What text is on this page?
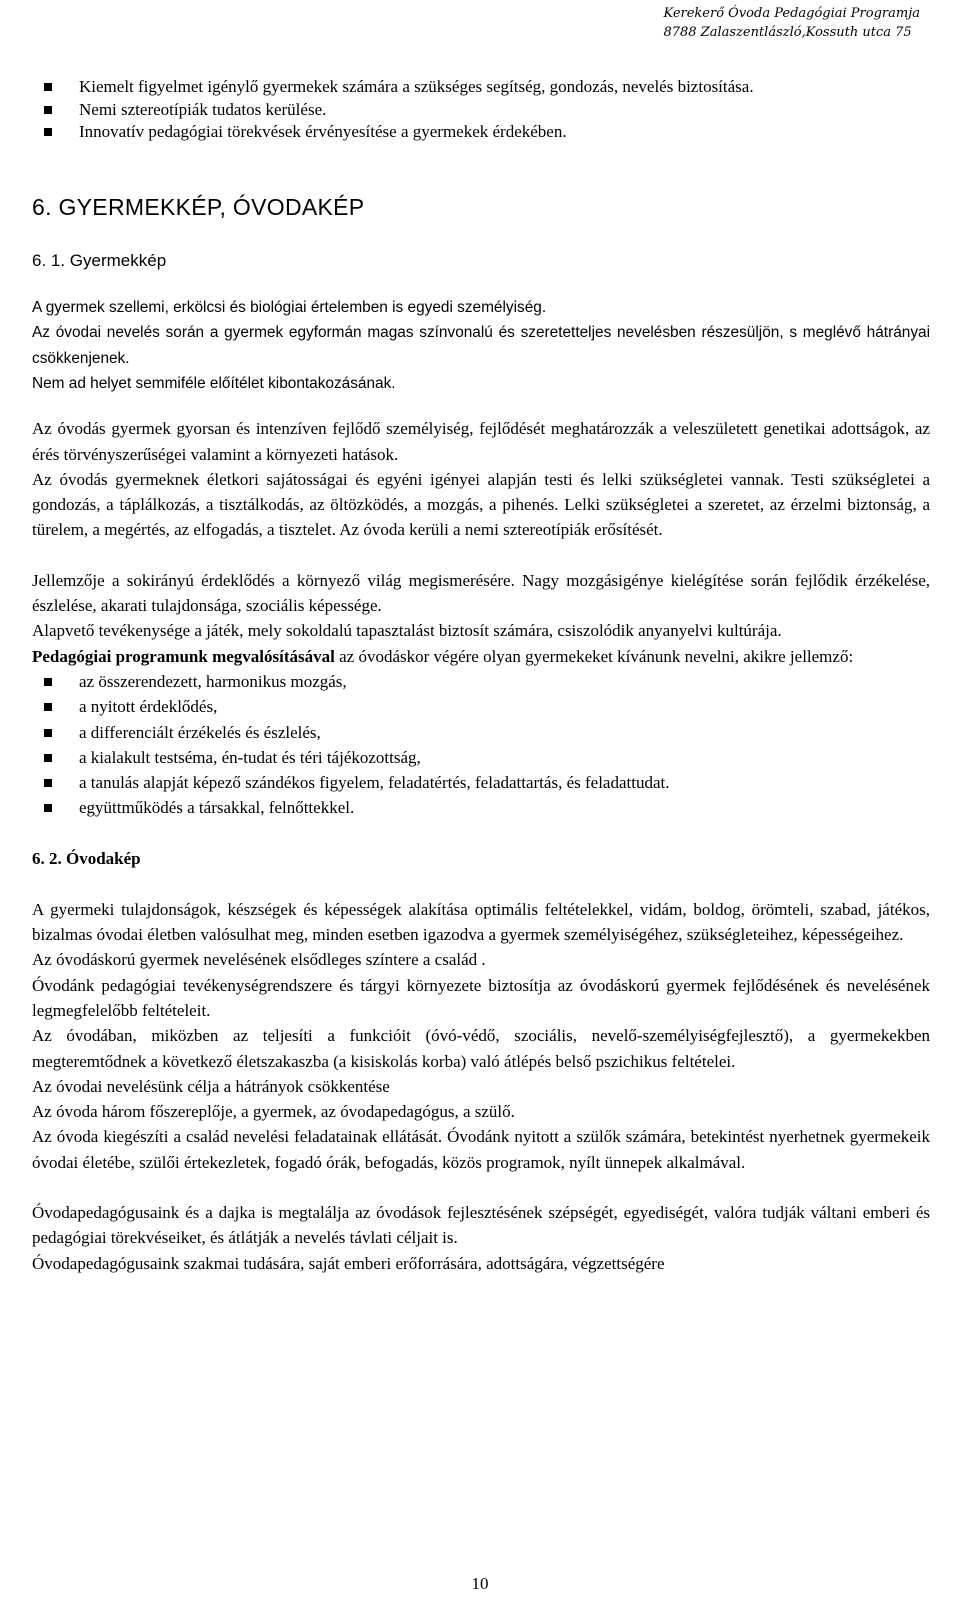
Kerekerő Óvoda Pedagógiai Programja
8788 Zalaszentlászló,Kossuth utca 75
Kiemelt figyelmet igénylő gyermekek számára a szükséges segítség, gondozás, nevelés biztosítása.
Nemi sztereotípiák tudatos kerülése.
Innovatív pedagógiai törekvések érvényesítése a gyermekek érdekében.
6. GYERMEKKÉP, ÓVODAKÉP
6. 1. Gyermekkép

A gyermek szellemi, erkölcsi és biológiai értelemben is egyedi személyiség.

Az óvodai nevelés során a gyermek egyformán magas színvonalú és szeretetteljes nevelésben részesüljön, s meglévő hátrányai csökkenjenek.

Nem ad helyet semmiféle előítélet kibontakozásának.

Az óvodás gyermek gyorsan és intenzíven fejlődő személyiség, fejlődését meghatározzák a veleszületett genetikai adottságok, az érés törvényszerűségei valamint a környezeti hatások.

Az óvodás gyermeknek életkori sajátosságai és egyéni igényei alapján testi és lelki szükségletei vannak. Testi szükségletei a gondozás, a táplálkozás, a tisztálkodás, az öltözködés, a mozgás, a pihenés. Lelki szükségletei a szeretet, az érzelmi biztonság, a türelem, a megértés, az elfogadás, a tisztelet. Az óvoda kerüli a nemi sztereotípiák erősítését.

Jellemzője a sokirányú érdeklődés a környező világ megismerésére. Nagy mozgásigénye kielégítése során fejlődik érzékelése, észlelése, akarati tulajdonsága, szociális képessége.

Alapvető tevékenysége a játék, mely sokoldalú tapasztalást biztosít számára, csiszolódik anyanyelvi kultúrája.

Pedagógiai programunk megvalósításával az óvodáskor végére olyan gyermekeket kívánunk nevelni, akikre jellemző:

az összerendezett, harmonikus mozgás,
a nyitott érdeklődés,
a differenciált érzékelés és észlelés,
a kialakult testséma, én-tudat és téri tájékozottság,
a tanulás alapját képező szándékos figyelem, feladatértés, feladattartás, és feladattudat.
együttműködés a társakkal, felnőttekkel.
6. 2. Óvodakép

A gyermeki tulajdonságok, készségek és képességek alakítása optimális feltételekkel, vidám, boldog, örömteli, szabad, játékos, bizalmas óvodai életben valósulhat meg, minden esetben igazodva a gyermek személyiségéhez, szükségleteihez, képességeihez.

Az óvodáskorú gyermek nevelésének elsődleges színtere a család .

Óvodánk pedagógiai tevékenységrendszere és tárgyi környezete biztosítja az óvodáskorú gyermek fejlődésének és nevelésének legmegfelelőbb feltételeit.

Az óvodában, miközben az teljesíti a funkcióit (óvó-védő, szociális, nevelő-személyiségfejlesztő), a gyermekekben megteremtődnek a következő életszakaszba (a kisiskolás korba) való átlépés belső pszichikus feltételei.

Az óvodai nevelésünk célja a hátrányok csökkentése

Az óvoda három főszereplője, a gyermek, az óvodapedagógus, a szülő.

Az óvoda kiegészíti a család nevelési feladatainak ellátását. Óvodánk nyitott a szülők számára, betekintést nyerhetnek gyermekeik óvodai életébe, szülői értekezletek, fogadó órák, befogadás, közös programok, nyílt ünnepek alkalmával.

Óvodapedagógusaink és a dajka is megtalálja az óvodások fejlesztésének szépségét, egyediségét, valóra tudják váltani emberi és pedagógiai törekvéseiket, és átlátják a nevelés távlati céljait is.

Óvodapedagógusaink szakmai tudására, saját emberi erőforrására, adottságára, végzettségére

10
